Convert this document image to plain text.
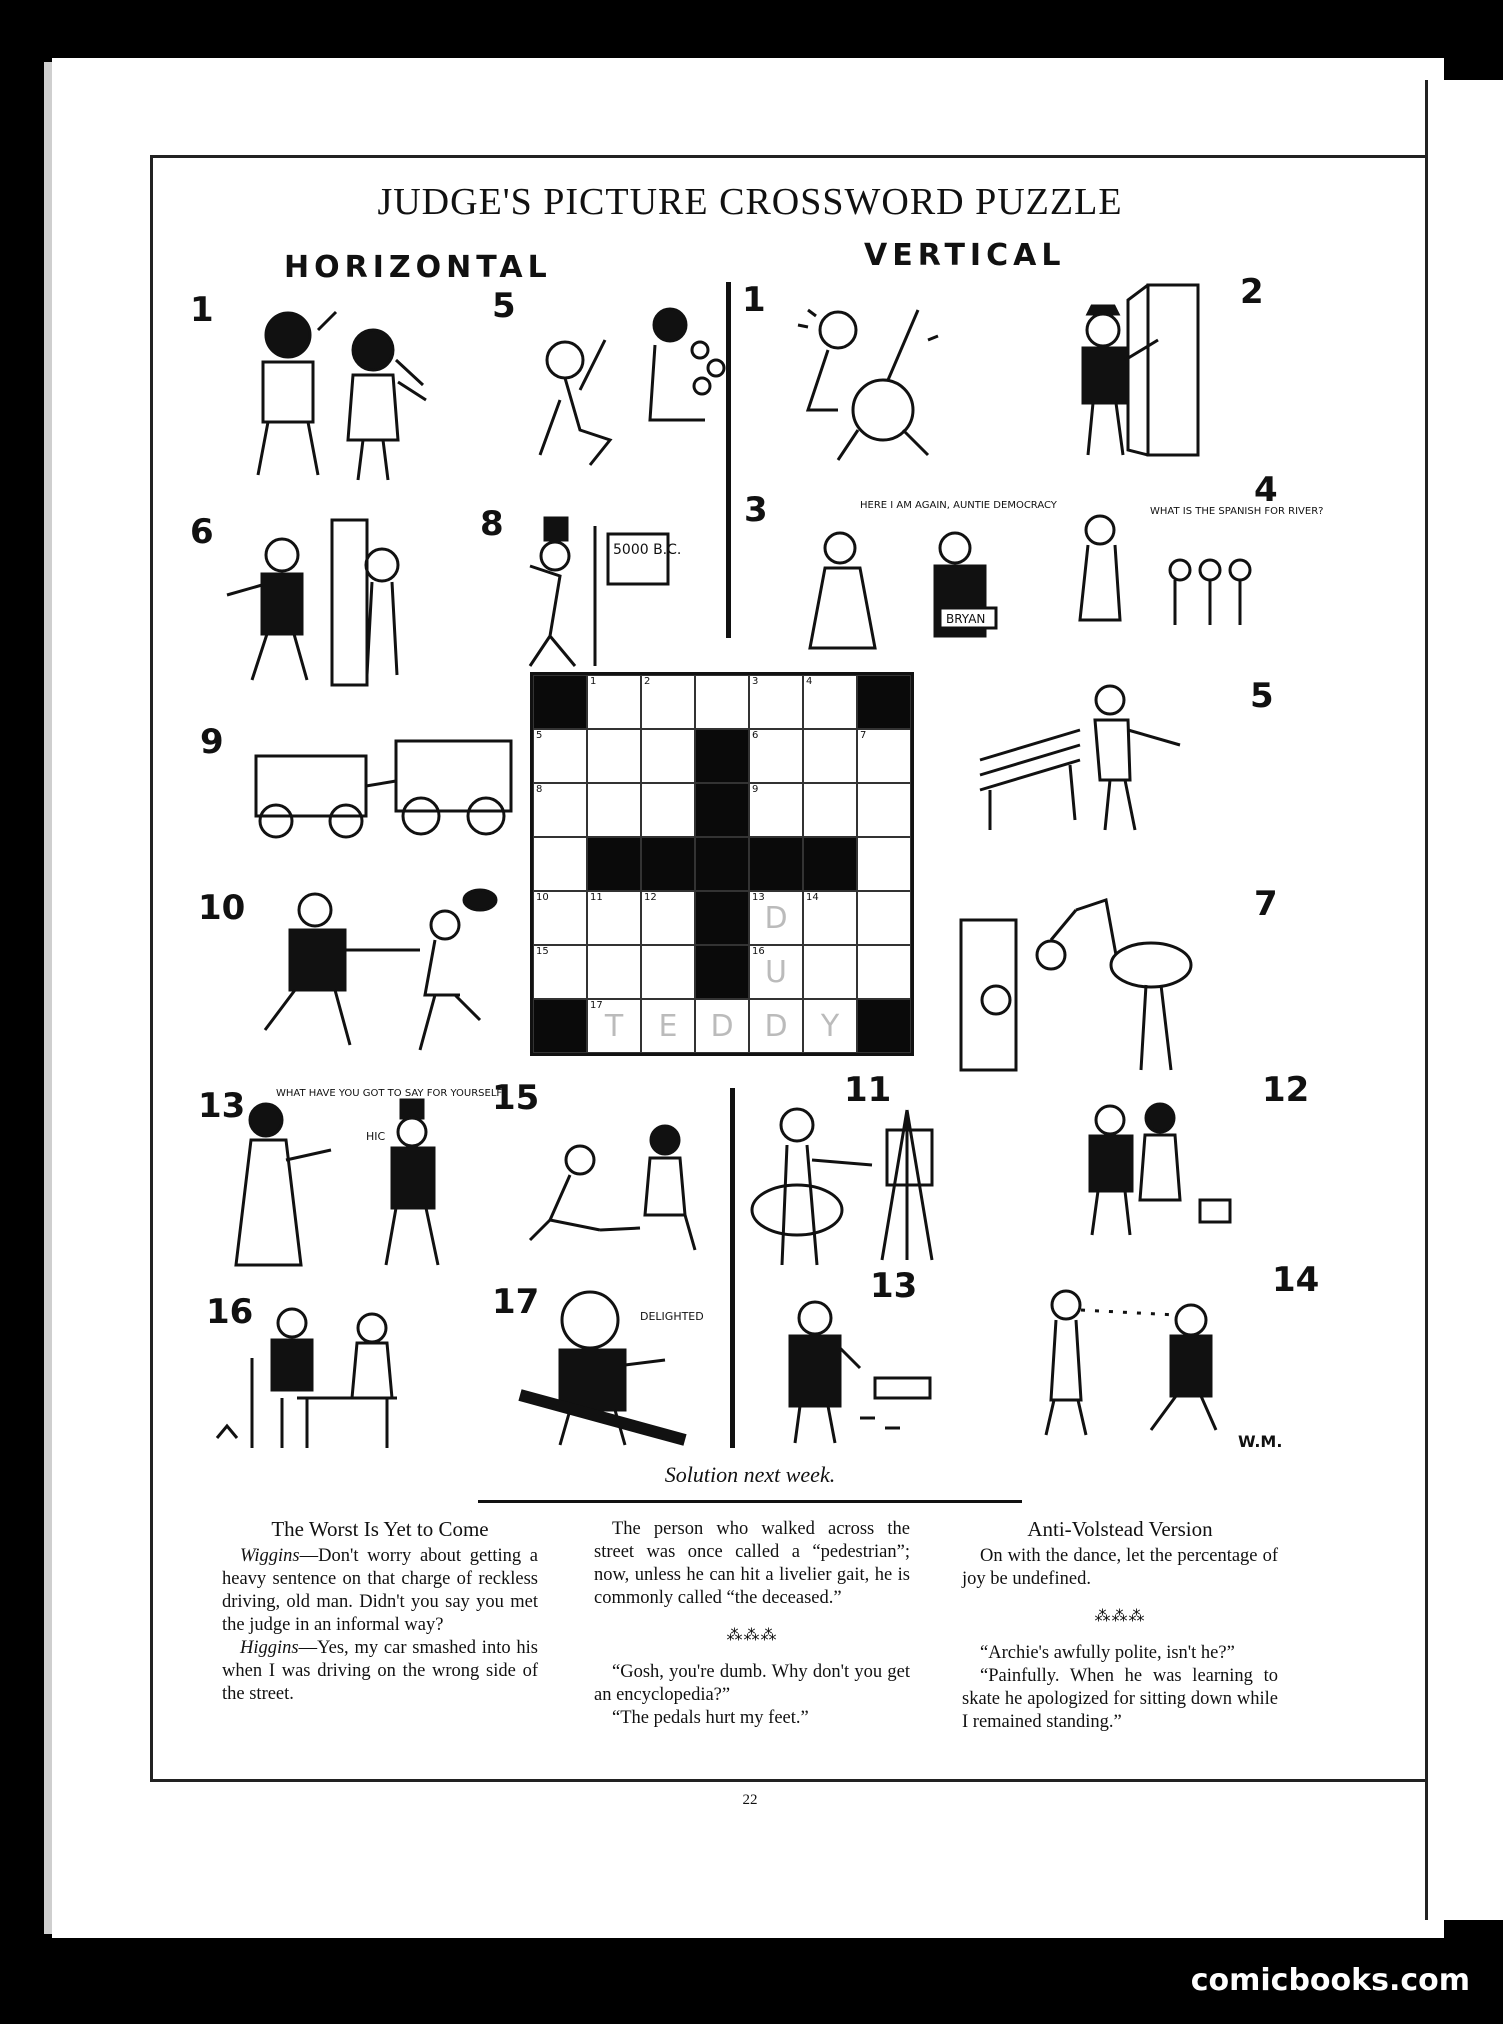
JUDGE'S PICTURE CROSSWORD PUZZLE
HORIZONTAL	VERTICAL
1	5
6	8
9
10
13	15
16	17
1	2
3	4
5
7
11	12
13	14
5000 B.C.
BRYAN
HERE I AM AGAIN, AUNTIE DEMOCRACY
WHAT IS THE SPANISH FOR RIVER?
WHAT HAVE YOU GOT TO SAY FOR YOURSELF?
HIC
DELIGHTED
1	2	3	4
5	6	7
8	9
10	11	12	13
D
14
15	16
U
17
T	E	D	D	Y
W.M.
Solution next week.
The Worst Is Yet to Come

Wiggins—Don't worry about getting a heavy sentence on that charge of reckless driving, old man. Didn't you say you met the judge in an informal way?

Higgins—Yes, my car smashed into his when I was driving on the wrong side of the street.

The person who walked across the street was once called a “pedestrian”; now, unless he can hit a livelier gait, he is commonly called “the deceased.”

⁂⁂⁂

“Gosh, you're dumb. Why don't you get an encyclopedia?”

“The pedals hurt my feet.”

Anti-Volstead Version

On with the dance, let the percentage of joy be undefined.

⁂⁂⁂

“Archie's awfully polite, isn't he?”

“Painfully. When he was learning to skate he apologized for sitting down while I remained standing.”

22
comicbooks.com
